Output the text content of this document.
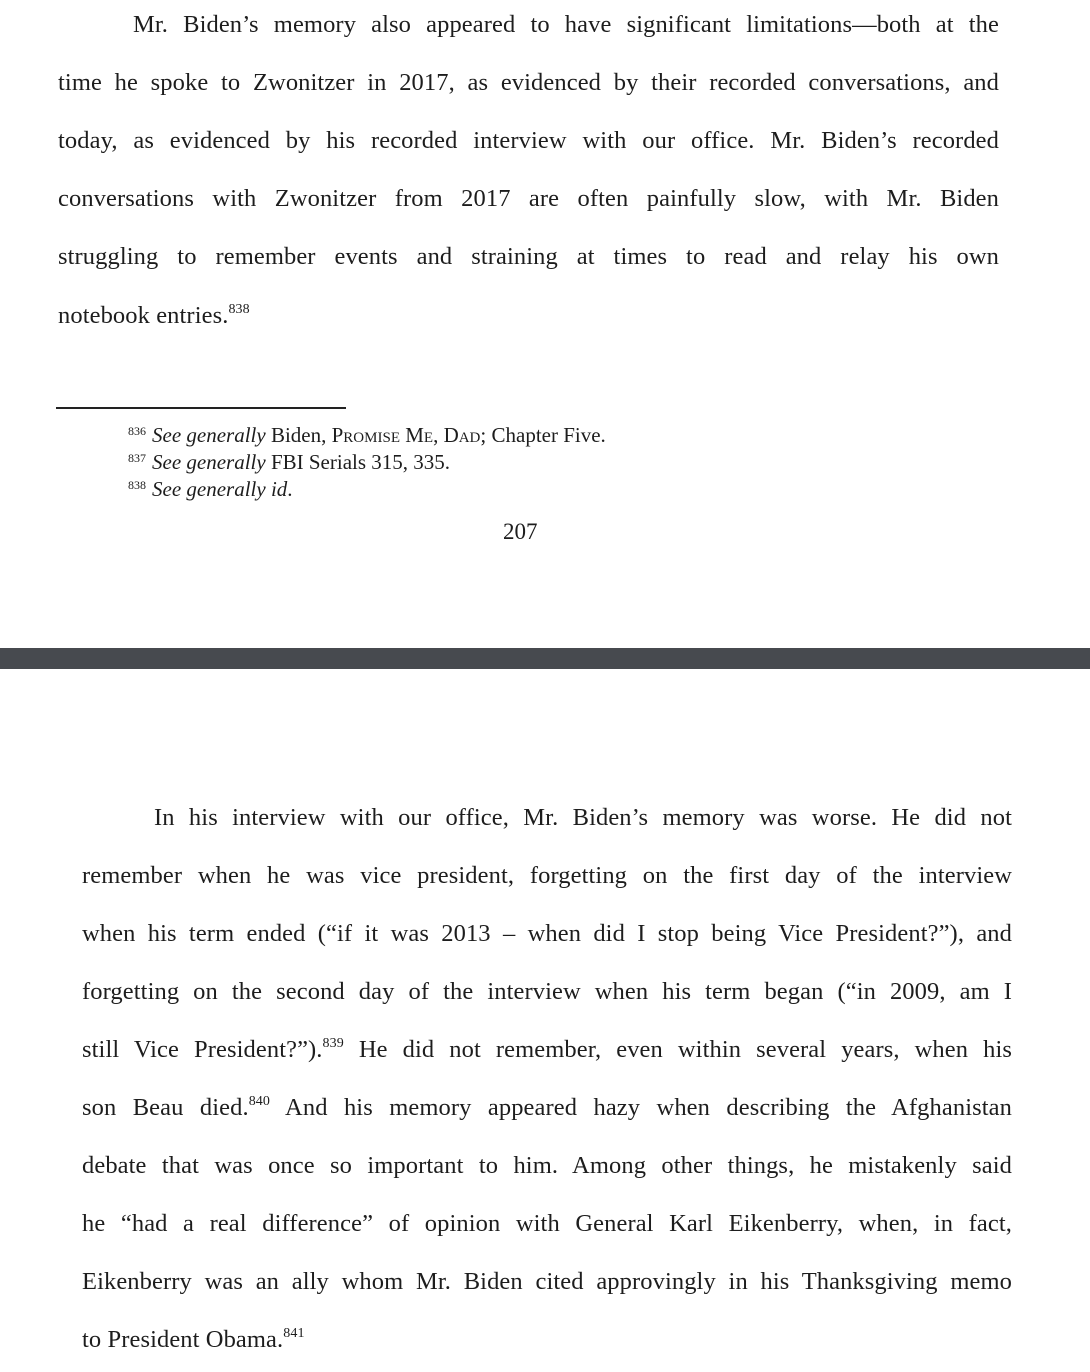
Mr. Biden’s memory also appeared to have significant limitations—both at the
time he spoke to Zwonitzer in 2017, as evidenced by their recorded conversations, and
today, as evidenced by his recorded interview with our office. Mr. Biden’s recorded
conversations with Zwonitzer from 2017 are often painfully slow, with Mr. Biden
struggling to remember events and straining at times to read and relay his own
notebook entries.$^{838}$
$^{836}$ See generally Biden, Promise Me, Dad; Chapter Five.
$^{837}$ See generally FBI Serials 315, 335.
$^{838}$ See generally id.
207
In his interview with our office, Mr. Biden’s memory was worse. He did not
remember when he was vice president, forgetting on the first day of the interview
when his term ended (“if it was 2013 – when did I stop being Vice President?”), and
forgetting on the second day of the interview when his term began (“in 2009, am I
still Vice President?”).$^{839}$ He did not remember, even within several years, when his
son Beau died.$^{840}$ And his memory appeared hazy when describing the Afghanistan
debate that was once so important to him. Among other things, he mistakenly said
he “had a real difference” of opinion with General Karl Eikenberry, when, in fact,
Eikenberry was an ally whom Mr. Biden cited approvingly in his Thanksgiving memo
to President Obama.$^{841}$
